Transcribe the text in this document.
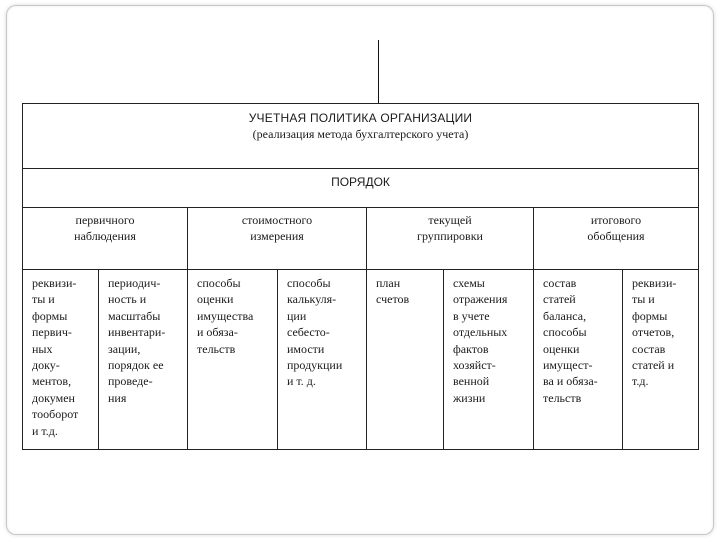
УЧЕТНАЯ ПОЛИТИКА ОРГАНИЗАЦИИ
(реализация метода бухгалтерского учета)
ПОРЯДОК
первичного
наблюдения
стоимостного
измерения
текущей
группировки
итогового
обобщения
реквизи-
ты и
формы
первич-
ных
доку-
ментов,
докумен
тооборот
и т.д.
периодич-
ность и
масштабы
инвентари-
зации,
порядок ее
проведе-
ния
способы
оценки
имущества
и обяза-
тельств
способы
калькуля-
ции
себесто-
имости
продукции
и т. д.
план
счетов
схемы
отражения
в учете
отдельных
фактов
хозяйст-
венной
жизни
состав
статей
баланса,
способы
оценки
имущест-
ва и обяза-
тельств
реквизи-
ты и
формы
отчетов,
состав
статей и
т.д.
